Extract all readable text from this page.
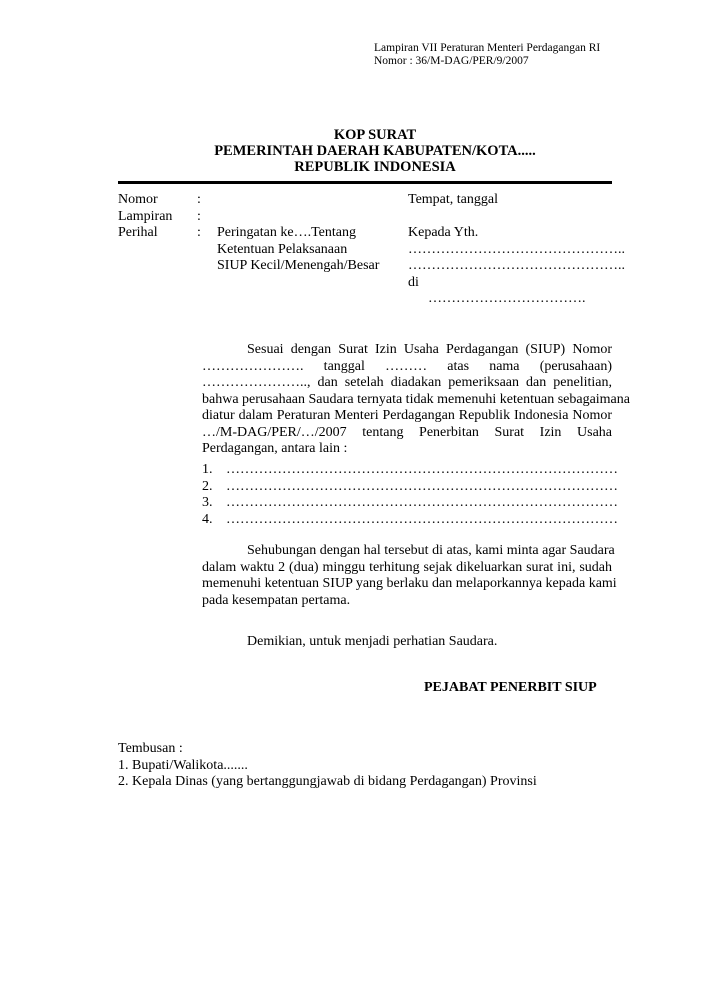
Lampiran VII Peraturan Menteri Perdagangan RI
Nomor : 36/M-DAG/PER/9/2007
KOP SURAT
PEMERINTAH DAERAH KABUPATEN/KOTA.....
REPUBLIK INDONESIA
Nomor
Lampiran
Perihal
:
:
: Peringatan ke….Tentang
Ketentuan Pelaksanaan
SIUP Kecil/Menengah/Besar
Tempat, tanggal
Kepada Yth.
………………………………………..
………………………………………..
di
…………………………….
Sesuai dengan Surat Izin Usaha Perdagangan (SIUP) Nomor
…………………. tanggal ……… atas nama (perusahaan)
………………….., dan setelah diadakan pemeriksaan dan penelitian,
bahwa perusahaan Saudara ternyata tidak memenuhi ketentuan sebagaimana
diatur dalam Peraturan Menteri Perdagangan Republik Indonesia Nomor
…/M-DAG/PER/…/2007 tentang Penerbitan Surat Izin Usaha
Perdagangan, antara lain :
1. …………………………………………………………………………
2. …………………………………………………………………………
3. …………………………………………………………………………
4. …………………………………………………………………………
Sehubungan dengan hal tersebut di atas, kami minta agar Saudara
dalam waktu 2 (dua) minggu terhitung sejak dikeluarkan surat ini, sudah
memenuhi ketentuan SIUP yang berlaku dan melaporkannya kepada kami
pada kesempatan pertama.
Demikian, untuk menjadi perhatian Saudara.
PEJABAT PENERBIT SIUP
Tembusan :
1. Bupati/Walikota.......
2. Kepala Dinas (yang bertanggungjawab di bidang Perdagangan) Provinsi
